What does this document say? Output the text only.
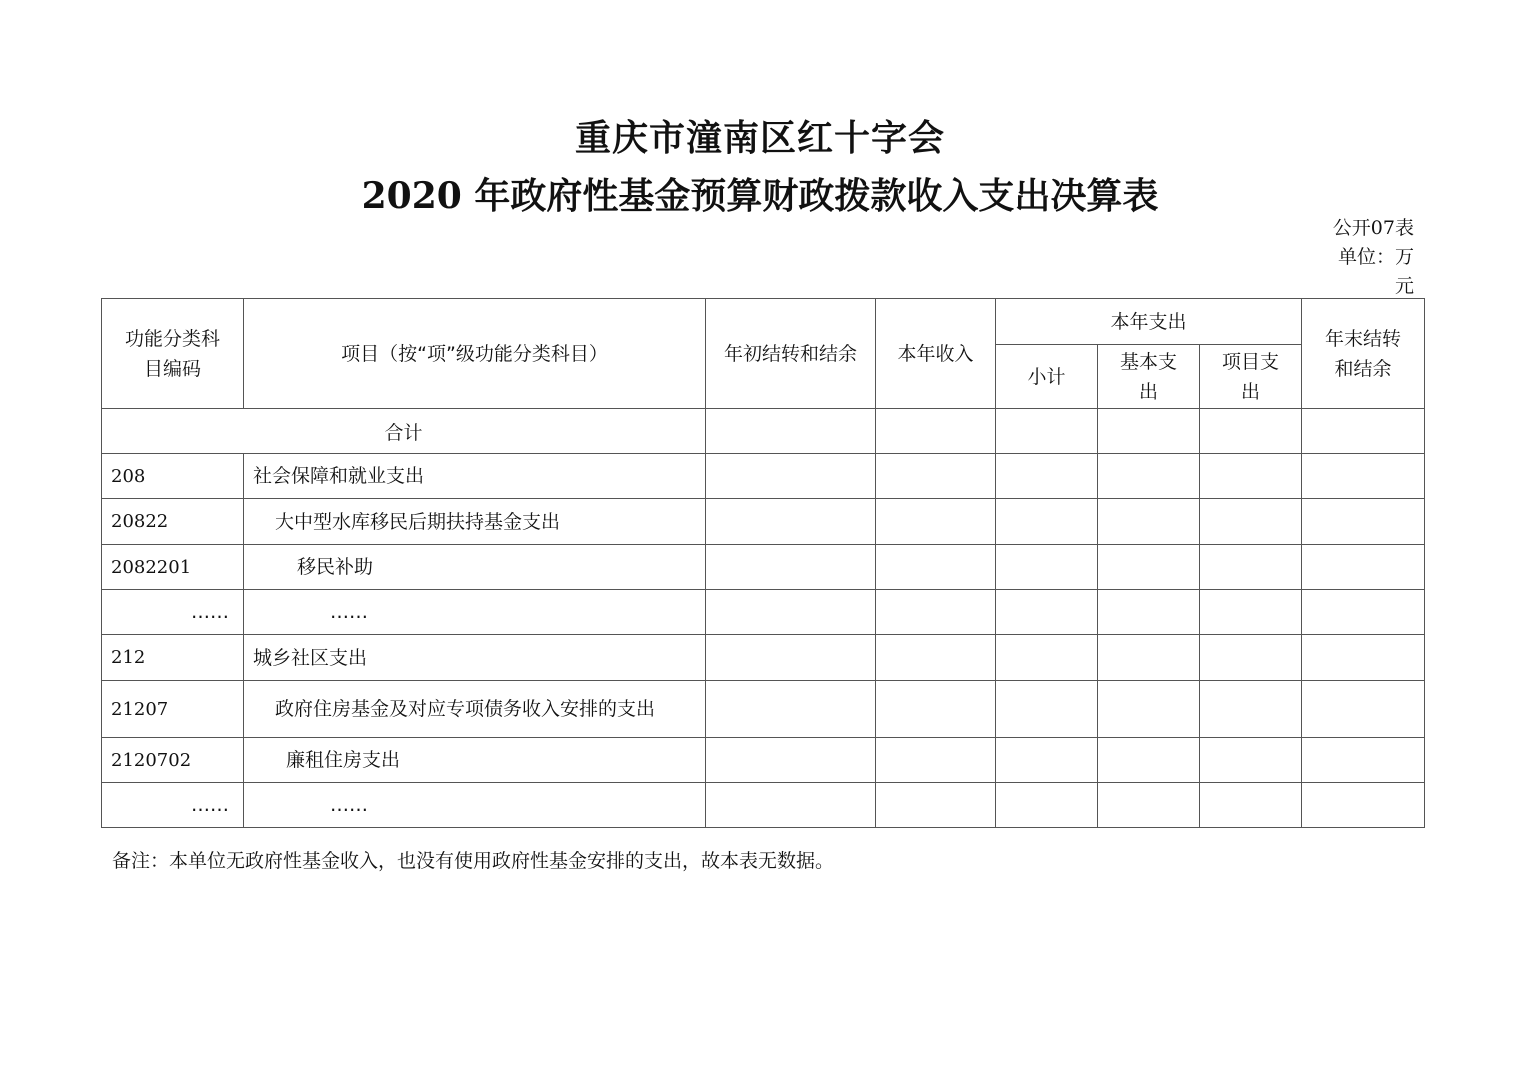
重庆市潼南区红十字会
2020 年政府性基金预算财政拨款收入支出决算表
公开07表
单位：万
元
功能分类科目编码	项目（按“项”级功能分类科目）	年初结转和结余	本年收入	本年支出			年末结转和结余

				小计	基本支出	项目支出	

合计							
208	社会保障和就业支出						
20822	大中型水库移民后期扶持基金支出						
2082201	移民补助						
……	……						
212	城乡社区支出						
21207	政府住房基金及对应专项债务收入安排的支出						
2120702	廉租住房支出						
……	……						
备注：本单位无政府性基金收入，也没有使用政府性基金安排的支出，故本表无数据。
